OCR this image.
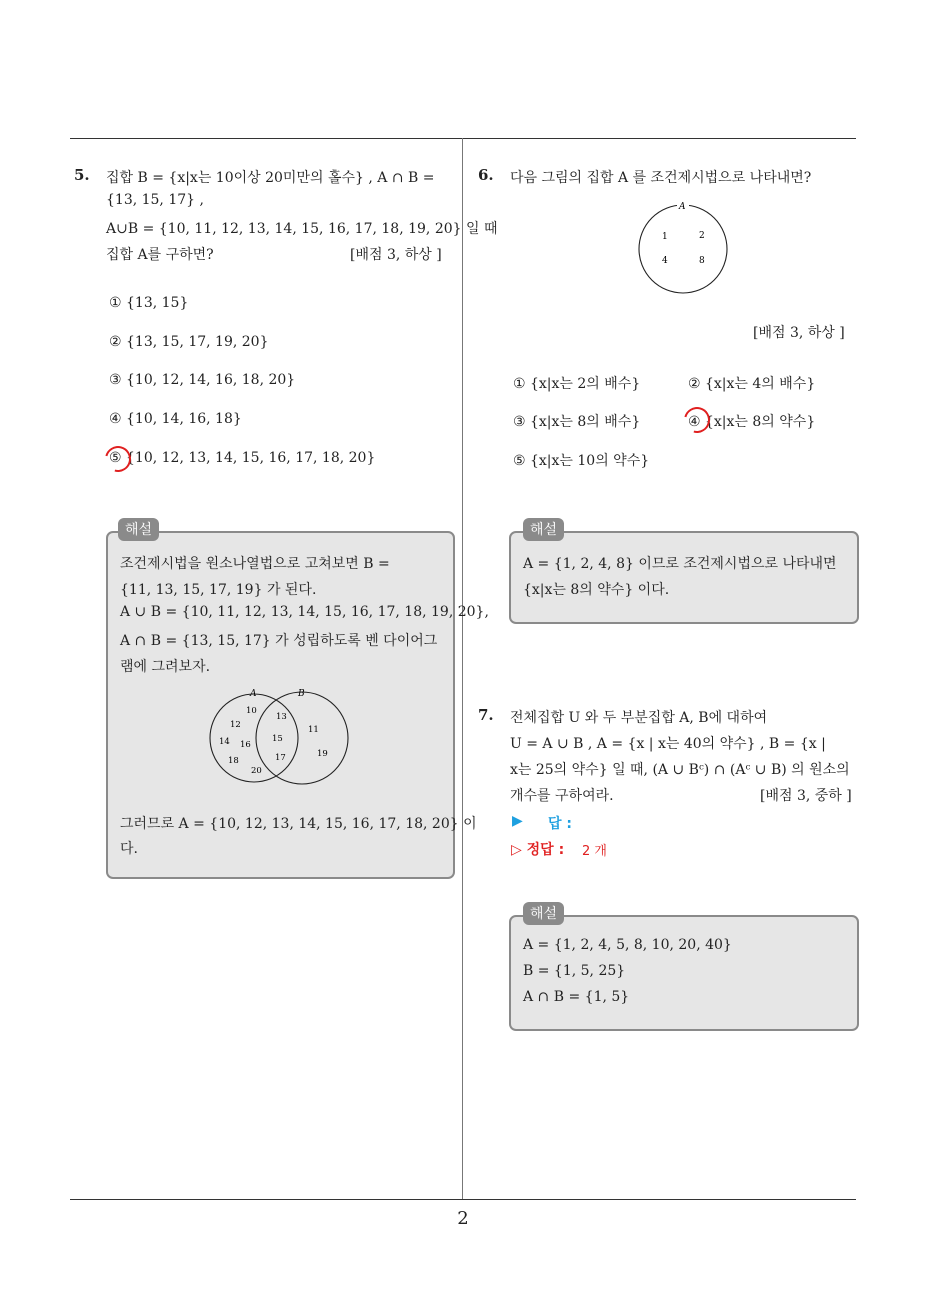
5. 집합 B = {x|x는 10이상 20미만의 홀수} , A ∩ B =
{13, 15, 17} ,
A∪B = {10, 11, 12, 13, 14, 15, 16, 17, 18, 19, 20} 일 때
집합 A를 구하면?	[배점 3, 하상 ]
① {13, 15}
② {13, 15, 17, 19, 20}
③ {10, 12, 14, 16, 18, 20}
④ {10, 14, 16, 18}
⑤ {10, 12, 13, 14, 15, 16, 17, 18, 20}
해설
조건제시법을 원소나열법으로 고쳐보면 B =
{11, 13, 15, 17, 19} 가 된다.
A ∪ B = {10, 11, 12, 13, 14, 15, 16, 17, 18, 19, 20},
A ∩ B = {13, 15, 17} 가 성립하도록 벤 다이어그
램에 그려보자.
A	B
10
12
14 16
18
20
13
15
17
11
19
그러므로 A = {10, 12, 13, 14, 15, 16, 17, 18, 20} 이
다.
6. 다음 그림의 집합 A 를 조건제시법으로 나타내면?
A
1	2
4	8
[배점 3, 하상 ]
① {x|x는 2의 배수}	② {x|x는 4의 배수}
③ {x|x는 8의 배수}	④ {x|x는 8의 약수}
⑤ {x|x는 10의 약수}
해설
A = {1, 2, 4, 8} 이므로 조건제시법으로 나타내면
{x|x는 8의 약수} 이다.
7. 전체집합 U 와 두 부분집합 A, B에 대하여
U = A ∪ B , A = {x | x는 40의 약수} , B = {x |
x는 25의 약수} 일 때, (A ∪ Bᶜ) ∩ (Aᶜ ∪ B) 의 원소의
개수를 구하여라.	[배점 3, 중하 ]
▶ 답 :
▷ 정답 : 2 개
해설
A = {1, 2, 4, 5, 8, 10, 20, 40}
B = {1, 5, 25}
A ∩ B = {1, 5}
2
